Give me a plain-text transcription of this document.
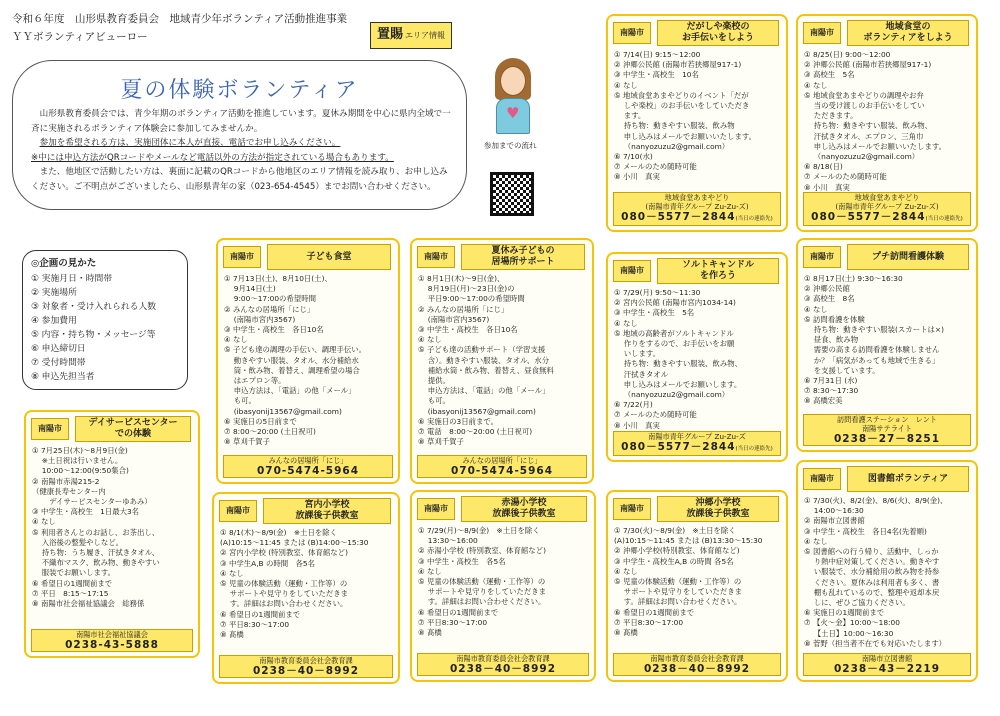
令和６年度　山形県教育委員会　地域青少年ボランティア活動推進事業
ＹＹボランティアビューロー	置賜 エリア情報
夏の体験ボランティア

山形県教育委員会では、青少年期のボランティア活動を推進しています。夏休み期間を中心に県内全域で一斉に実施されるボランティア体験会に参加してみませんか。

参加を希望される方は、実施団体に本人が直接、電話でお申し込みください。

※中には申込方法がQRコードやメールなど電話以外の方法が指定されている場合もあります。

また、他地区で活動したい方は、裏面に記載のQRコードから他地区のエリア情報を読み取り、お申し込みください。ご不明点がございましたら、山形県青年の家（023-654-4545）までお問い合わせください。

♥
参加までの流れ
◎企画の見かた
① 実施月日・時間帯
② 実施場所
③ 対象者・受け入れられる人数
④ 参加費用
⑤ 内容・持ち物・メッセージ等
⑥ 申込締切日
⑦ 受付時間帯
⑧ 申込先担当者
南陽市
だがしや楽校の
お手伝いをしよう
① 7/14(日) 9:15～12:00
② 沖郷公民館 (南陽市若狭郷屋917-1)
③ 中学生・高校生　10名
④ なし
⑤ 地域食堂あまやどりのイベント「だが
　 しや楽校」のお手伝いをしていただき
　 ます。
　 持ち物：動きやすい服装、飲み物
　 申し込みはメールでお願いいたします。
　 （nanyozuzu2@gmail.com）
⑥ 7/10(水)
⑦ メールのため随時可能
⑧ 小川　真実
地域食堂あまやどり
(南陽市青年グループ Zu-Zu-ズ)
080－5577－2844(当日の連絡先)
南陽市
地域食堂の
ボランティアをしよう
① 8/25(日) 9:00～12:00
② 沖郷公民館 (南陽市若狭郷屋917-1)
③ 高校生　5名
④ なし
⑤ 地域食堂あまやどりの調理やお弁
　 当の受け渡しのお手伝いをしてい
　 ただきます。
　 持ち物：動きやすい服装、飲み物、
　 汗拭きタオル、エプロン、三角巾
　 申し込みはメールでお願いいたします。
　 （nanyozuzu2@gmail.com）
⑥ 8/18(日)
⑦ メールのため随時可能
⑧ 小川　真実
地域食堂あまやどり
(南陽市青年グループ Zu-Zu-ズ)
080－5577－2844(当日の連絡先)
南陽市	子ども食堂
① 7月13日(土)、8月10日(土)、
　 9月14日(土)
　 9:00～17:00の希望時間
② みんなの居場所「にじ」
　 (南陽市宮内3567)
③ 中学生・高校生　各日10名
④ なし
⑤ 子ども達の調理の手伝い、調理手伝い。
　 動きやすい服装、タオル、水分補給水
　 筒・飲み物、着替え、調理希望の場合
　 はエプロン等。
　 申込方法は、「電話」の他「メール」
　 も可。
　 (ibasyonij13567@gmail.com)
⑥ 実施日の5日前まで
⑦ 8:00～20:00 (土日祝可)
⑧ 草刈千賀子
みんなの居場所「にじ」
070-5474-5964
南陽市
夏休み子どもの
居場所サポート
① 8月1日(木)～9日(金)、
　 8月19日(月)～23日(金)の
　 平日9:00～17:00の希望時間
② みんなの居場所「にじ」
　 (南陽市宮内3567)
③ 中学生・高校生　各日10名
④ なし
⑤ 子ども達の活動サポート（学習支援
　 含）。動きやすい服装、タオル、水分
　 補給水筒・飲み物、着替え、昼食無料
　 提供。
　 申込方法は、「電話」の他「メール」
　 も可。
　 (ibasyonij13567@gmail.com)
⑥ 実施日の3日前まで。
⑦ 電話　8:00～20:00 (土日祝可)
⑧ 草刈千賀子
みんなの居場所「にじ」
070-5474-5964
南陽市
ソルトキャンドル
を作ろう
① 7/29(月) 9:50～11:30
② 宮内公民館 (南陽市宮内1034-14)
③ 中学生・高校生　5名
④ なし
⑤ 地域の高齢者がソルトキャンドル
　 作りをするので、お手伝いをお願
　 いします。
　 持ち物：動きやすい服装、飲み物、
　 汗拭きタオル
　 申し込みはメールでお願いします。
　 （nanyozuzu2@gmail.com）
⑥ 7/22(月)
⑦ メールのため随時可能
⑧ 小川　真実
南陽市青年グループ Zu-Zu-ズ
080－5577－2844(当日の連絡先)
南陽市	プチ訪問看護体験
① 8月17日(土) 9:30～16:30
② 沖郷公民館
③ 高校生　8名
④ なし
⑤ 訪問看護を体験
　 持ち物：動きやすい服装(スカートは×)
　 昼食、飲み物
　 需要の高まる訪問看護を体験しません
　 か？「病気があっても地域で生きる」
　 を支援しています。
⑥ 7月31日 (水)
⑦ 8:30～17:30
⑧ 高橋宏美
訪問看護ステーション　レント
南陽サテライト
0238－27－8251
南陽市
デイサービスセンター
での体験
① 7月25日(木)～8月9日(金)
　 ※土日祝は行いません。
　 10:00～12:00(9:50集合)
② 南陽市赤湯215-2
（健康長寿センター内
　　 デイサービスセンターゆあみ）
③ 中学生・高校生　1日最大3名
④ なし
⑤ 利用者さんとのお話し、お茶出し、
　 入浴後の整髪やしなど。
　 持ち物：うち履き、汗拭きタオル、
　 不織布マスク、飲み物、動きやすい
　 服装でお願いします。
⑥ 希望日の1週間前まで
⑦ 平日　8:15～17:15
⑧ 南陽市社会福祉協議会　総務係
南陽市社会福祉協議会
0238-43-5888
南陽市
宮内小学校
放課後子供教室
① 8/1(木)～8/9(金)　※土日を除く
(A)10:15～11:45 または (B)14:00～15:30
② 宮内小学校 (特別教室、体育館など)
③ 中学生A,B の時間　各5名
④ なし
⑤ 児童の体験活動（運動・工作等）の
　 サポートや見守りをしていただきま
　 す。詳細はお問い合わせください。
⑥ 希望日の1週間前まで
⑦ 平日8:30～17:00
⑧ 髙橋
南陽市教育委員会社会教育課
0238－40－8992
南陽市
赤湯小学校
放課後子供教室
① 7/29(月)～8/9(金)　※土日を除く
　 13:30～16:00
② 赤湯小学校 (特別教室、体育館など)
③ 中学生・高校生　各5名
④ なし
⑤ 児童の体験活動（運動・工作等）の
　 サポートや見守りをしていただきま
　 す。詳細はお問い合わせください。
⑥ 希望日の1週間前まで
⑦ 平日8:30～17:00
⑧ 髙橋
南陽市教育委員会社会教育課
0238－40－8992
南陽市
沖郷小学校
放課後子供教室
① 7/30(火)～8/9(金)　※土日を除く
(A)10:15～11:45 または (B)13:30～15:30
② 沖郷小学校(特別教室、体育館など)
③ 中学生・高校生A,B の時間 各5名
④ なし
⑤ 児童の体験活動（運動・工作等）の
　 サポートや見守りをしていただきま
　 す。詳細はお問い合わせください。
⑥ 希望日の1週間前まで
⑦ 平日8:30～17:00
⑧ 髙橋
南陽市教育委員会社会教育課
0238－40－8992
南陽市	図書館ボランティア
① 7/30(火)、8/2(金)、8/6(火)、8/9(金)、
　 14:00～16:30
② 南陽市立図書館
③ 中学生・高校生　各日4名(先着順)
④ なし
⑤ 図書館への行う帰り、活動中、しっか
　 り熱中症対策してください。動きやす
　 い服装で、水分補給用の飲み物を持参
　 ください。夏休みは利用者も多く、書
　 棚も乱れているので、整理や返却本戻
　 しに、ぜひご協力ください。
⑥ 実施日の1週間前まで
⑦ 【火～金】10:00～18:00
　 【土日】10:00～16:30
⑧ 菅野（担当者不在でも対応いたします）
南陽市立図書館
0238－43－2219
